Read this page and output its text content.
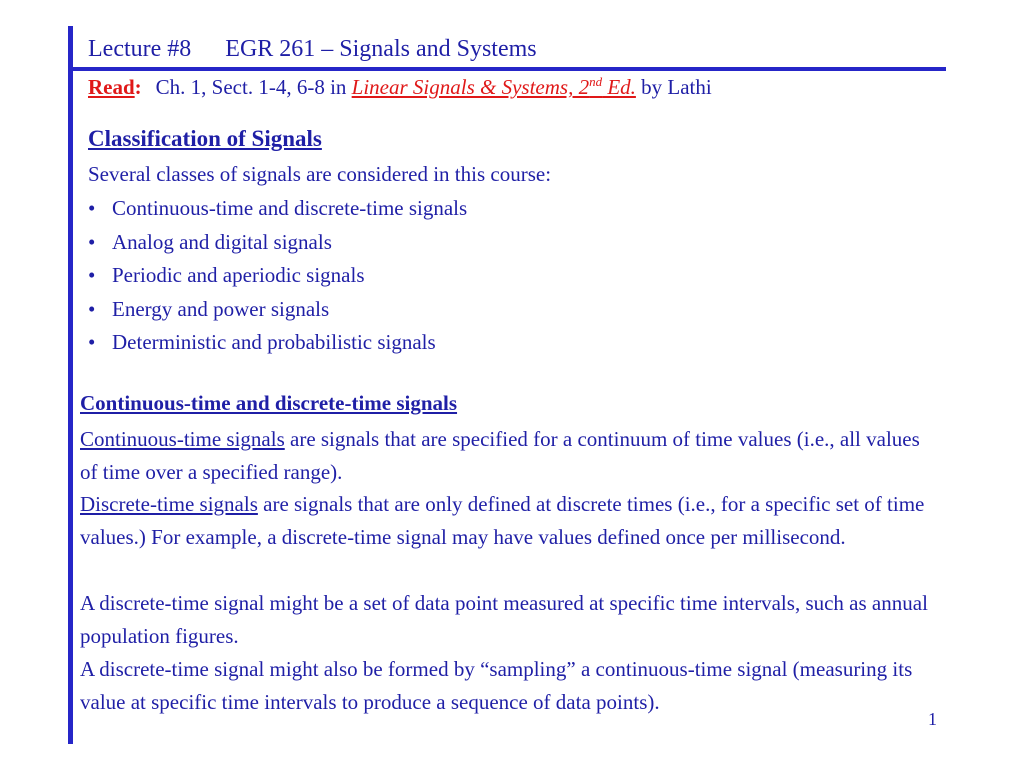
Lecture #8 EGR 261 – Signals and Systems
Read: Ch. 1, Sect. 1-4, 6-8 in Linear Signals & Systems, 2nd Ed. by Lathi
Classification of Signals
Several classes of signals are considered in this course:
• Continuous-time and discrete-time signals
• Analog and digital signals
• Periodic and aperiodic signals
• Energy and power signals
• Deterministic and probabilistic signals
Continuous-time and discrete-time signals

Continuous-time signals are signals that are specified for a continuum of time values (i.e., all values of time over a specified range).

Discrete-time signals are signals that are only defined at discrete times (i.e., for a specific set of time values.) For example, a discrete-time signal may have values defined once per millisecond.

A discrete-time signal might be a set of data point measured at specific time intervals, such as annual population figures.

A discrete-time signal might also be formed by “sampling” a continuous-time signal (measuring its value at specific time intervals to produce a sequence of data points).

1
